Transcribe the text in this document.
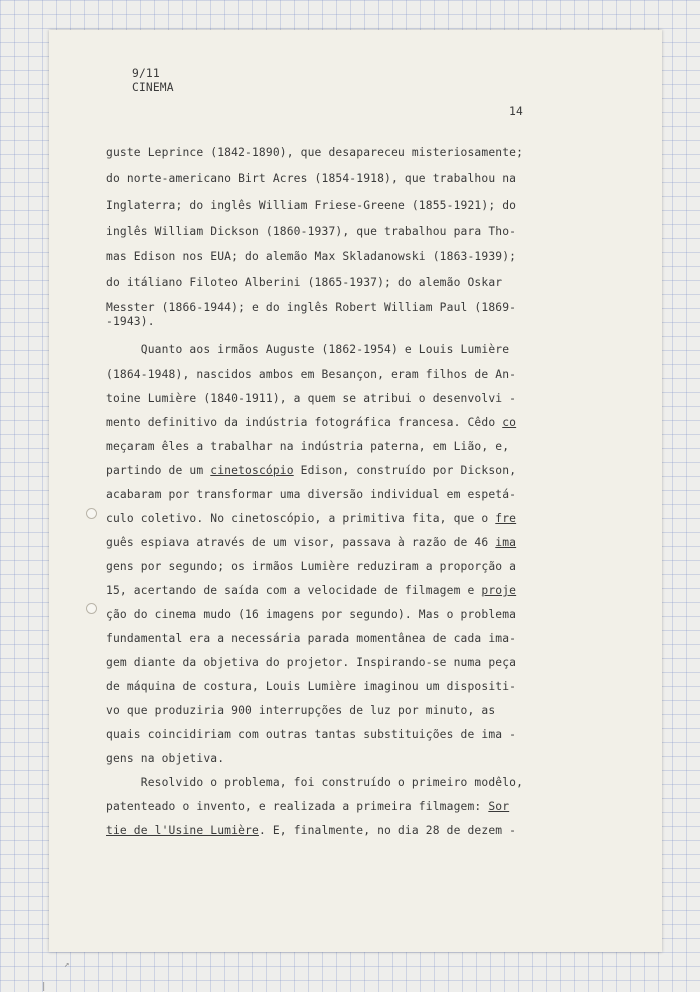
9/11
CINEMA
14
guste Leprince (1842-1890), que desapareceu misteriosamente;
do norte-americano Birt Acres (1854-1918), que trabalhou na
Inglaterra; do inglês William Friese-Greene (1855-1921); do
inglês William Dickson (1860-1937), que trabalhou para Tho-
mas Edison nos EUA; do alemão Max Skladanowski (1863-1939);
do itáliano Filoteo Alberini (1865-1937); do alemão Oskar
Messter (1866-1944); e do inglês Robert William Paul (1869-
-1943).
Quanto aos irmãos Auguste (1862-1954) e Louis Lumière
(1864-1948), nascidos ambos em Besançon, eram filhos de An-
toine Lumière (1840-1911), a quem se atribui o desenvolvi -
mento definitivo da indústria fotográfica francesa. Cêdo co
meçaram êles a trabalhar na indústria paterna, em Lião, e,
partindo de um cinetoscópio Edison, construído por Dickson,
acabaram por transformar uma diversão individual em espetá-
culo coletivo. No cinetoscópio, a primitiva fita, que o fre
guês espiava através de um visor, passava à razão de 46 ima
gens por segundo; os irmãos Lumière reduziram a proporção a
15, acertando de saída com a velocidade de filmagem e proje
ção do cinema mudo (16 imagens por segundo). Mas o problema
fundamental era a necessária parada momentânea de cada ima-
gem diante da objetiva do projetor. Inspirando-se numa peça
de máquina de costura, Louis Lumière imaginou um dispositi-
vo que produziria 900 interrupções de luz por minuto, as
quais coincidiriam com outras tantas substituições de ima -
gens na objetiva.
Resolvido o problema, foi construído o primeiro modêlo,
patenteado o invento, e realizada a primeira filmagem: Sor
tie de l'Usine Lumière. E, finalmente, no dia 28 de dezem -
↗
|
